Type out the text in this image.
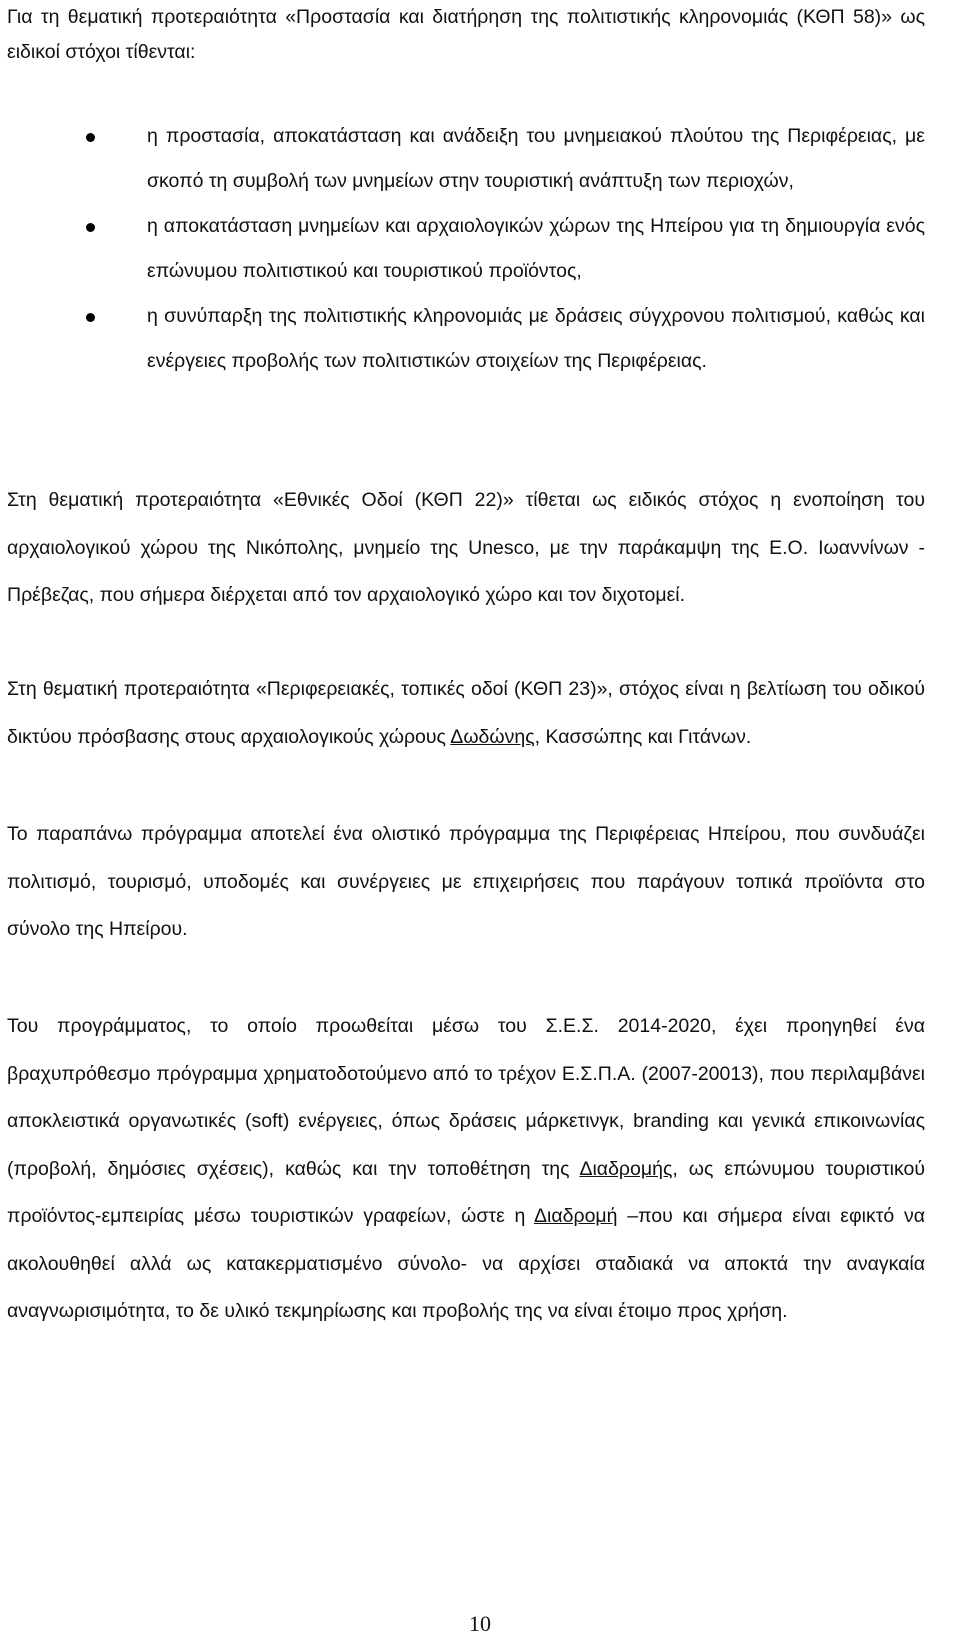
Για τη θεματική προτεραιότητα «Προστασία και διατήρηση της πολιτιστικής κληρονομιάς (ΚΘΠ 58)» ως ειδικοί στόχοι τίθενται:

η προστασία, αποκατάσταση και ανάδειξη του μνημειακού πλούτου της Περιφέρειας, με σκοπό τη συμβολή των μνημείων στην τουριστική ανάπτυξη των περιοχών,
η αποκατάσταση μνημείων και αρχαιολογικών χώρων της Ηπείρου για τη δημιουργία ενός επώνυμου πολιτιστικού και τουριστικού προϊόντος,
η συνύπαρξη της πολιτιστικής κληρονομιάς με δράσεις σύγχρονου πολιτισμού, καθώς και ενέργειες προβολής των πολιτιστικών στοιχείων της Περιφέρειας.

Στη θεματική προτεραιότητα «Εθνικές Οδοί (ΚΘΠ 22)» τίθεται ως ειδικός στόχος η ενοποίηση του αρχαιολογικού χώρου της Νικόπολης, μνημείο της Unesco, με την παράκαμψη της Ε.Ο. Ιωαννίνων - Πρέβεζας, που σήμερα διέρχεται από τον αρχαιολογικό χώρο και τον διχοτομεί.

Στη θεματική προτεραιότητα «Περιφερειακές, τοπικές οδοί (ΚΘΠ 23)», στόχος είναι η βελτίωση του οδικού δικτύου πρόσβασης στους αρχαιολογικούς χώρους Δωδώνης, Κασσώπης και Γιτάνων.

Το παραπάνω πρόγραμμα αποτελεί ένα ολιστικό πρόγραμμα της Περιφέρειας Ηπείρου, που συνδυάζει πολιτισμό, τουρισμό, υποδομές και συνέργειες με επιχειρήσεις που παράγουν τοπικά προϊόντα στο σύνολο της Ηπείρου.

Του προγράμματος, το οποίο προωθείται μέσω του Σ.Ε.Σ. 2014-2020, έχει προηγηθεί ένα βραχυπρόθεσμο πρόγραμμα χρηματοδοτούμενο από το τρέχον Ε.Σ.Π.Α. (2007-20013), που περιλαμβάνει αποκλειστικά οργανωτικές (soft) ενέργειες, όπως δράσεις μάρκετινγκ, branding και γενικά επικοινωνίας (προβολή, δημόσιες σχέσεις), καθώς και την τοποθέτηση της Διαδρομής, ως επώνυμου τουριστικού προϊόντος-εμπειρίας μέσω τουριστικών γραφείων, ώστε η Διαδρομή –που και σήμερα είναι εφικτό να ακολουθηθεί αλλά ως κατακερματισμένο σύνολο- να αρχίσει σταδιακά να αποκτά την αναγκαία αναγνωρισιμότητα, το δε υλικό τεκμηρίωσης και προβολής της να είναι έτοιμο προς χρήση.

10
